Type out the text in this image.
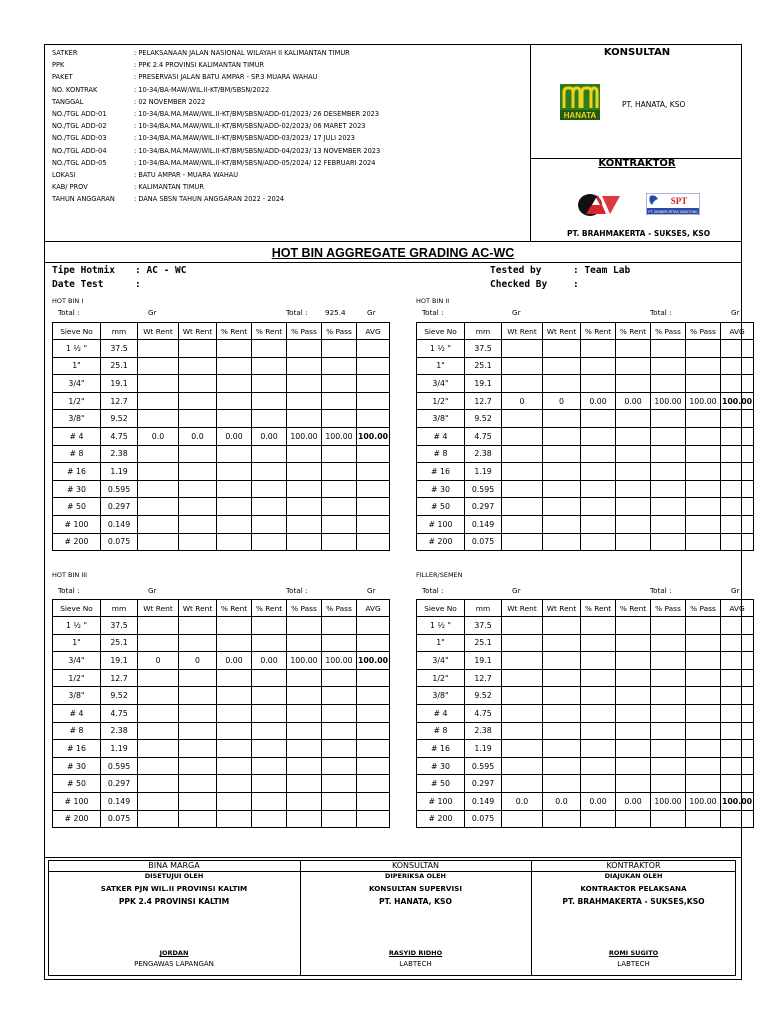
SATKER	: PELAKSANAAN JALAN NASIONAL WILAYAH II KALIMANTAN TIMUR
PPK	: PPK 2.4 PROVINSI KALIMANTAN TIMUR
PAKET	: PRESERVASI JALAN BATU AMPAR - SP.3 MUARA WAHAU
NO. KONTRAK	: 10-34/BA-MAW/WIL.II-KT/BM/SBSN/2022
TANGGAL	: 02 NOVEMBER 2022
NO./TGL ADD-01	: 10-34/BA.MA.MAW/WIL.II-KT/BM/SBSN/ADD-01/2023/ 26 DESEMBER 2023
NO./TGL ADD-02	: 10-34/BA.MA.MAW/WIL.II-KT/BM/SBSN/ADD-02/2023/ 06 MARET 2023
NO./TGL ADD-03	: 10-34/BA.MA.MAW/WIL.II-KT/BM/SBSN/ADD-03/2023/ 17 JULI 2023
NO./TGL ADD-04	: 10-34/BA.MA.MAW/WIL.II-KT/BM/SBSN/ADD-04/2023/ 13 NOVEMBER 2023
NO./TGL ADD-05	: 10-34/BA.MA.MAW/WIL.II-KT/BM/SBSN/ADD-05/2024/ 12 FEBRUARI 2024
LOKASI	: BATU AMPAR - MUARA WAHAU
KAB/ PROV	: KALIMANTAN TIMUR
TAHUN ANGGARAN	: DANA SBSN TAHUN ANGGARAN 2022 - 2024
KONSULTAN
HANATA
PT. HANATA, KSO
KONTRAKTOR
SPT
PT. SUMBER PETRA TANGTONG
PT. BRAHMAKERTA - SUKSES, KSO
HOT BIN AGGREGATE GRADING AC-WC
Tipe Hotmix : AC - WC
Date Test	:
Tested by	: Team Lab
Checked By	:
HOT BIN I
Total :	Gr	Total : 925.4	Gr
Sieve No	mm	Wt Rent	Wt Rent	% Rent	% Rent	% Pass	% Pass	AVG
1 ½ "	37.5							
1"	25.1							
3/4"	19.1							
1/2"	12.7							
3/8"	9.52							
# 4	4.75	0.0	0.0	0.00	0.00	100.00	100.00	100.00
# 8	2.38							
# 16	1.19							
# 30	0.595							
# 50	0.297							
# 100	0.149							
# 200	0.075							
HOT BIN II
Total :	Gr	Total :	Gr
Sieve No	mm	Wt Rent	Wt Rent	% Rent	% Rent	% Pass	% Pass	AVG
1 ½ "	37.5							
1"	25.1							
3/4"	19.1							
1/2"	12.7	0	0	0.00	0.00	100.00	100.00	100.00
3/8"	9.52							
# 4	4.75							
# 8	2.38							
# 16	1.19							
# 30	0.595							
# 50	0.297							
# 100	0.149							
# 200	0.075							
HOT BIN III
Total :	Gr	Total :	Gr
Sieve No	mm	Wt Rent	Wt Rent	% Rent	% Rent	% Pass	% Pass	AVG
1 ½ "	37.5							
1"	25.1							
3/4"	19.1	0	0	0.00	0.00	100.00	100.00	100.00
1/2"	12.7							
3/8"	9.52							
# 4	4.75							
# 8	2.38							
# 16	1.19							
# 30	0.595							
# 50	0.297							
# 100	0.149							
# 200	0.075							
FILLER/SEMEN
Total :	Gr	Total :	Gr
Sieve No	mm	Wt Rent	Wt Rent	% Rent	% Rent	% Pass	% Pass	AVG
1 ½ "	37.5							
1"	25.1							
3/4"	19.1							
1/2"	12.7							
3/8"	9.52							
# 4	4.75							
# 8	2.38							
# 16	1.19							
# 30	0.595							
# 50	0.297							
# 100	0.149	0.0	0.0	0.00	0.00	100.00	100.00	100.00
# 200	0.075							
BINA MARGA
DISETUJUI OLEH
SATKER PJN WIL.II PROVINSI KALTIM
PPK 2.4 PROVINSI KALTIM
JORDAN
PENGAWAS LAPANGAN
KONSULTAN
DIPERIKSA OLEH
KONSULTAN SUPERVISI
PT. HANATA, KSO
RASYID RIDHO
LABTECH
KONTRAKTOR
DIAJUKAN OLEH
KONTRAKTOR PELAKSANA
PT. BRAHMAKERTA - SUKSES,KSO
ROMI SUGITO
LABTECH
